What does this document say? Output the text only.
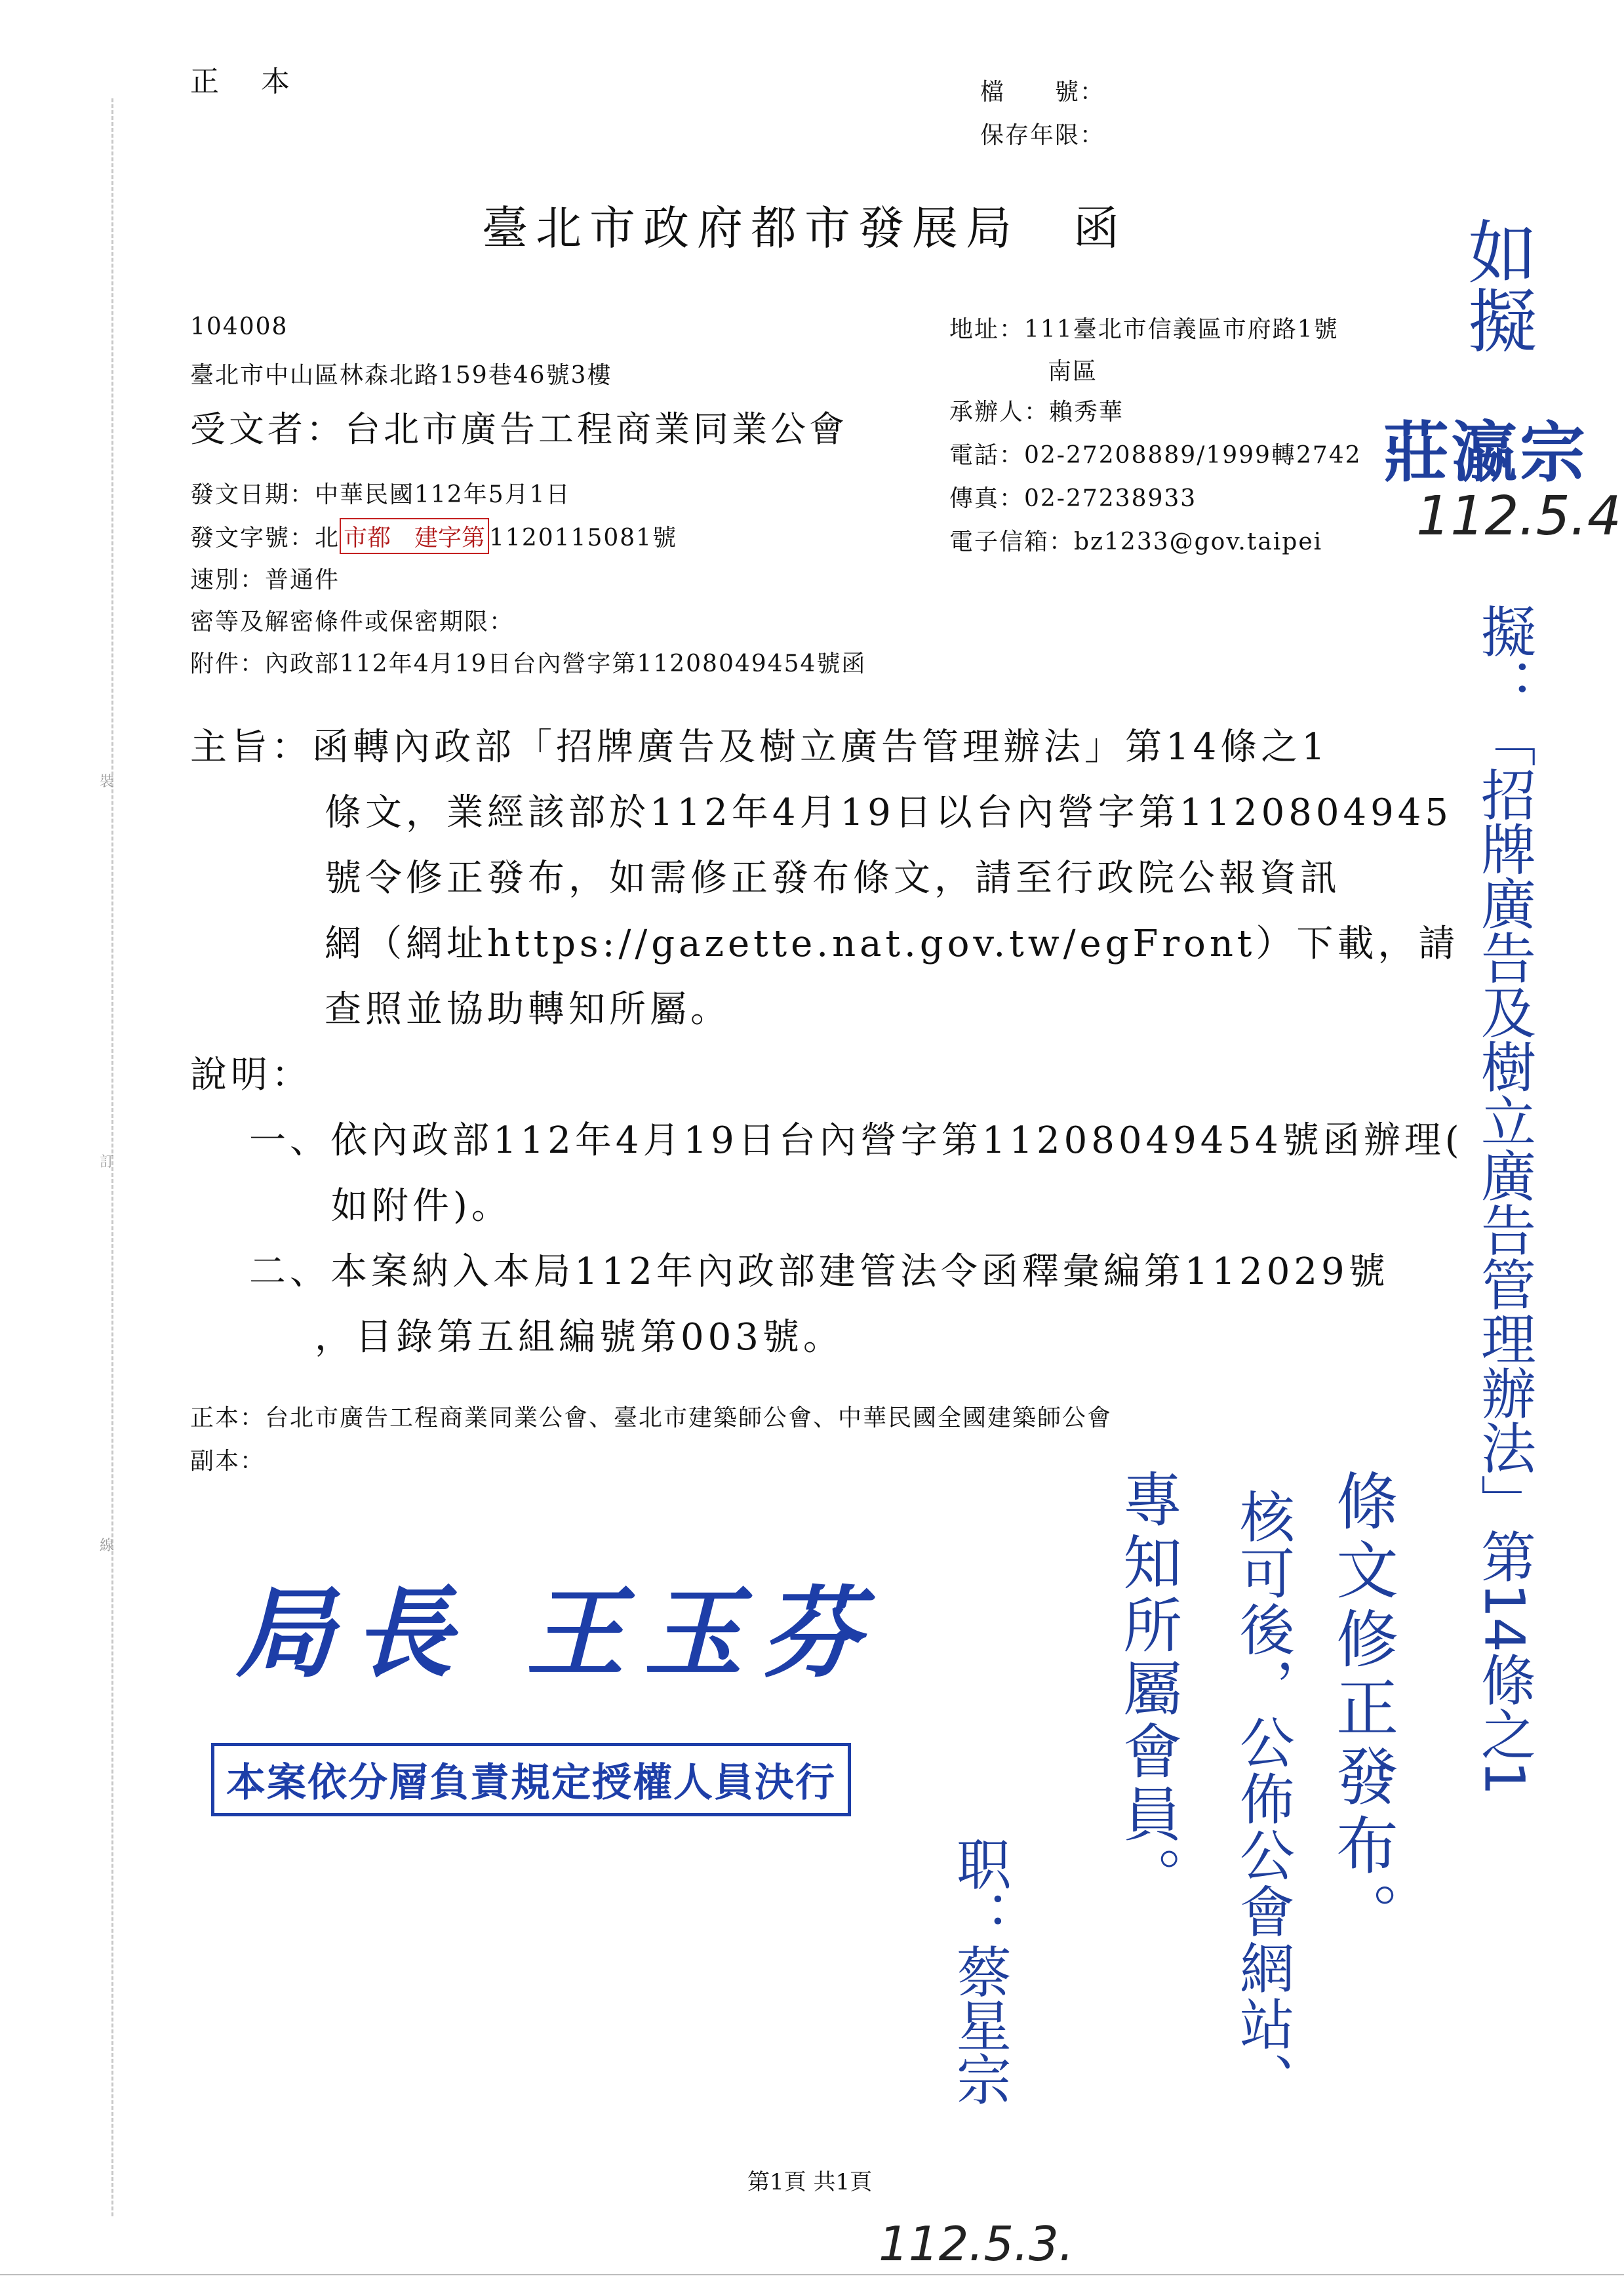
裝
訂
線
正　本	檔　　號：
保存年限：
臺北市政府都市發展局　函
104008
臺北市中山區林森北路159巷46號3樓
受文者：台北市廣告工程商業同業公會
地址：111臺北市信義區市府路1號
南區
承辦人：賴秀華
電話：02-27208889/1999轉2742
傳真：02-27238933
電子信箱：bz1233@gov.taipei
發文日期：中華民國112年5月1日
發文字號：北 市都　建字第 1120115081號
速別：普通件
密等及解密條件或保密期限：
附件：內政部112年4月19日台內營字第11208049454號函
主旨：函轉內政部「招牌廣告及樹立廣告管理辦法」第14條之1
條文，業經該部於112年4月19日以台內營字第1120804945
號令修正發布，如需修正發布條文，請至行政院公報資訊
網（網址https://gazette.nat.gov.tw/egFront）下載，請
查照並協助轉知所屬。
說明：
一、依內政部112年4月19日台內營字第11208049454號函辦理(
如附件)。
二、本案納入本局112年內政部建管法令函釋彙編第112029號
，目錄第五組編號第003號。
正本：台北市廣告工程商業同業公會、臺北市建築師公會、中華民國全國建築師公會
副本：
局長 王玉芬
本案依分層負責規定授權人員決行
第1頁 共1頁
如擬
莊瀛宗
112.5.4
擬：「招牌廣告及樹立廣告管理辦法」第14條之1
條文修正發布。
核可後，公佈公會網站、
專知所屬會員。
职：蔡星宗
112.5.3.
